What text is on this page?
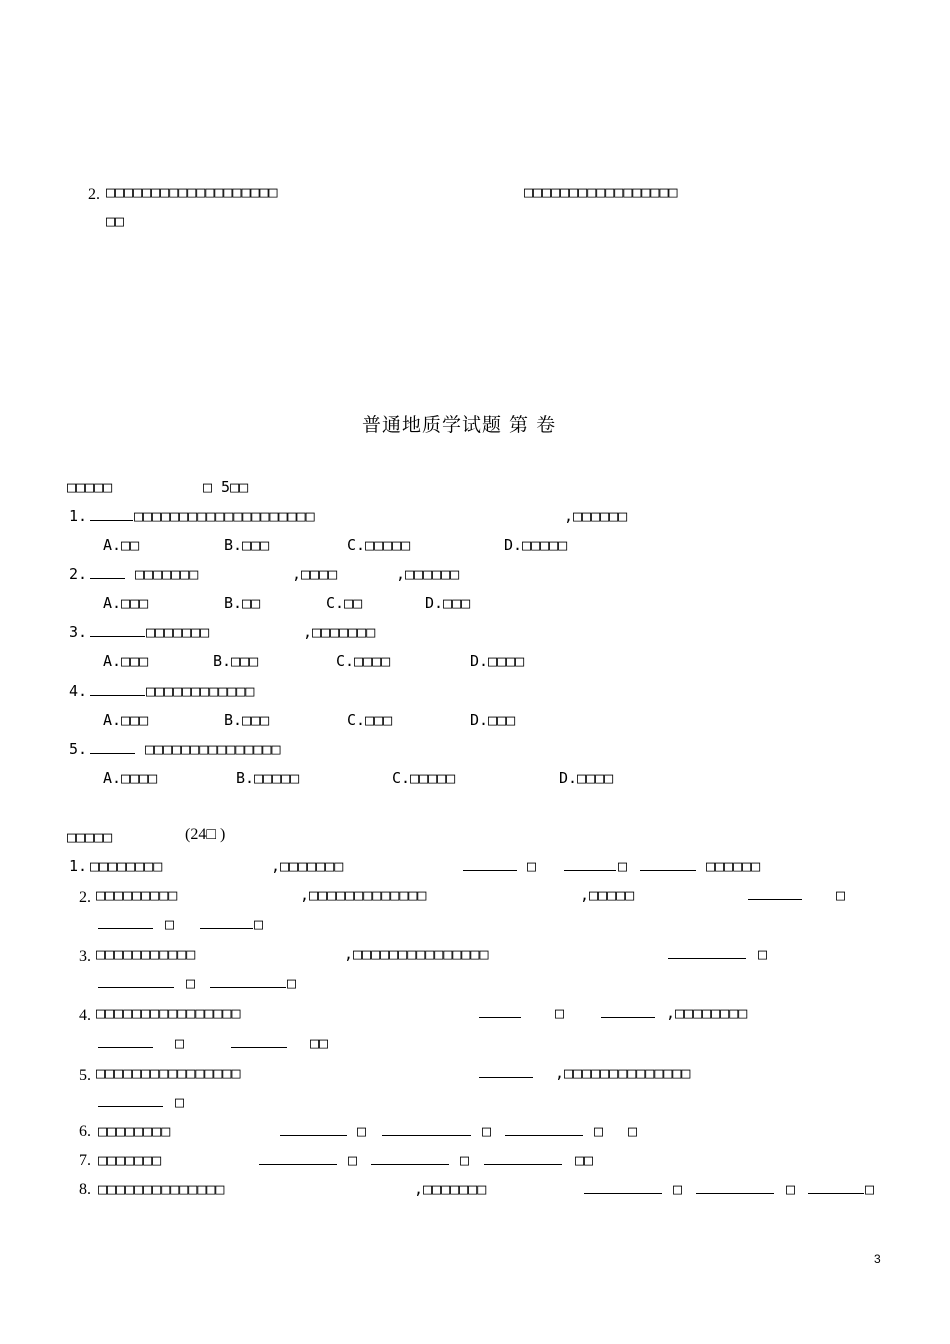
2. □□□□□□□□□□□□□□□□□□□	□□□□□□□□□□□□□□□□□
□□
普通地质学试题 第 卷
□□□□□	□ 5□□
1.	□□□□□□□□□□□□□□□□□□□□	,□□□□□□
A.□□	B.□□□	C.□□□□□	D.□□□□□
2.	□□□□□□□	,□□□□	,□□□□□□
A.□□□	B.□□	C.□□	D.□□□
3.	□□□□□□□	,□□□□□□□
A.□□□	B.□□□	C.□□□□	D.□□□□
4.	□□□□□□□□□□□□
A.□□□	B.□□□	C.□□□	D.□□□
5.	□□□□□□□□□□□□□□□
A.□□□□	B.□□□□□	C.□□□□□	D.□□□□
□□□□□	(24□ )
1. □□□□□□□□	,□□□□□□□	□	□	□□□□□□
2. □□□□□□□□□	,□□□□□□□□□□□□□	,□□□□□	□
□	□
3. □□□□□□□□□□□	,□□□□□□□□□□□□□□□	□
□	□
4. □□□□□□□□□□□□□□□□	□	,□□□□□□□□
□	□□
5. □□□□□□□□□□□□□□□□	,□□□□□□□□□□□□□□
□
6. □□□□□□□□	□	□	□ □
7. □□□□□□□	□	□	□□
8. □□□□□□□□□□□□□□	,□□□□□□□	□	□	□
3
